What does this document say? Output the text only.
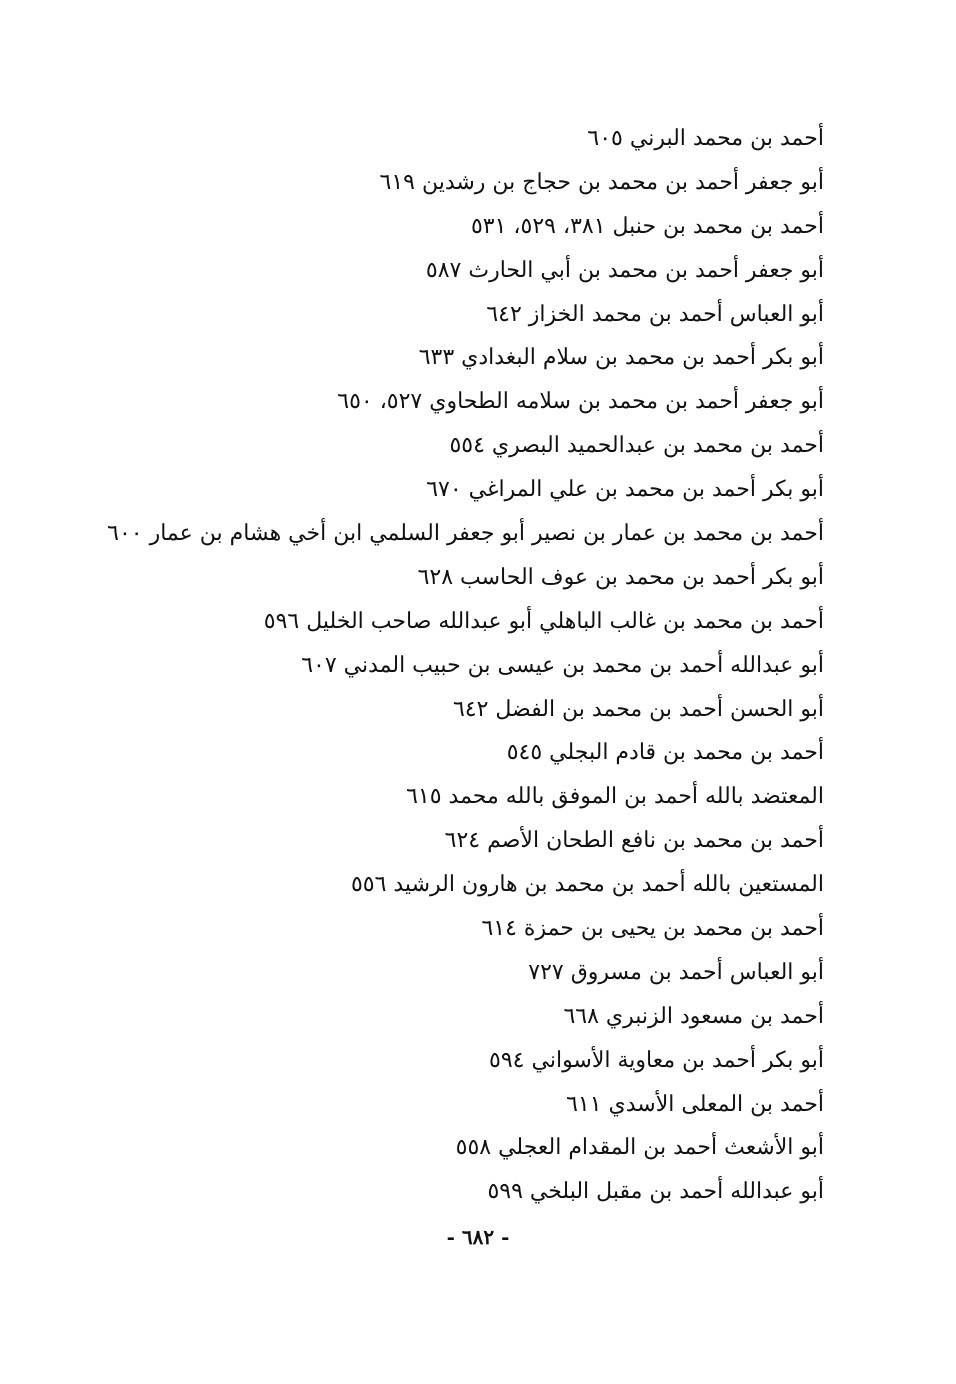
أحمد بن محمد البرني ٦٠٥
أبو جعفر أحمد بن محمد بن حجاج بن رشدين ٦١٩
أحمد بن محمد بن حنبل ٣٨١، ٥٢٩، ٥٣١
أبو جعفر أحمد بن محمد بن أبي الحارث ٥٨٧
أبو العباس أحمد بن محمد الخزاز ٦٤٢
أبو بكر أحمد بن محمد بن سلام البغدادي ٦٣٣
أبو جعفر أحمد بن محمد بن سلامه الطحاوي ٥٢٧، ٦٥٠
أحمد بن محمد بن عبدالحميد البصري ٥٥٤
أبو بكر أحمد بن محمد بن علي المراغي ٦٧٠
أحمد بن محمد بن عمار بن نصير أبو جعفر السلمي ابن أخي هشام بن عمار ٦٠٠
أبو بكر أحمد بن محمد بن عوف الحاسب ٦٢٨
أحمد بن محمد بن غالب الباهلي أبو عبدالله صاحب الخليل ٥٩٦
أبو عبدالله أحمد بن محمد بن عيسى بن حبيب المدني ٦٠٧
أبو الحسن أحمد بن محمد بن الفضل ٦٤٢
أحمد بن محمد بن قادم البجلي ٥٤٥
المعتضد بالله أحمد بن الموفق بالله محمد ٦١٥
أحمد بن محمد بن نافع الطحان الأصم ٦٢٤
المستعين بالله أحمد بن محمد بن هارون الرشيد ٥٥٦
أحمد بن محمد بن يحيى بن حمزة ٦١٤
أبو العباس أحمد بن مسروق ٧٢٧
أحمد بن مسعود الزنبري ٦٦٨
أبو بكر أحمد بن معاوية الأسواني ٥٩٤
أحمد بن المعلى الأسدي ٦١١
أبو الأشعث أحمد بن المقدام العجلي ٥٥٨
أبو عبدالله أحمد بن مقبل البلخي ٥٩٩
- ٦٨٢ -
